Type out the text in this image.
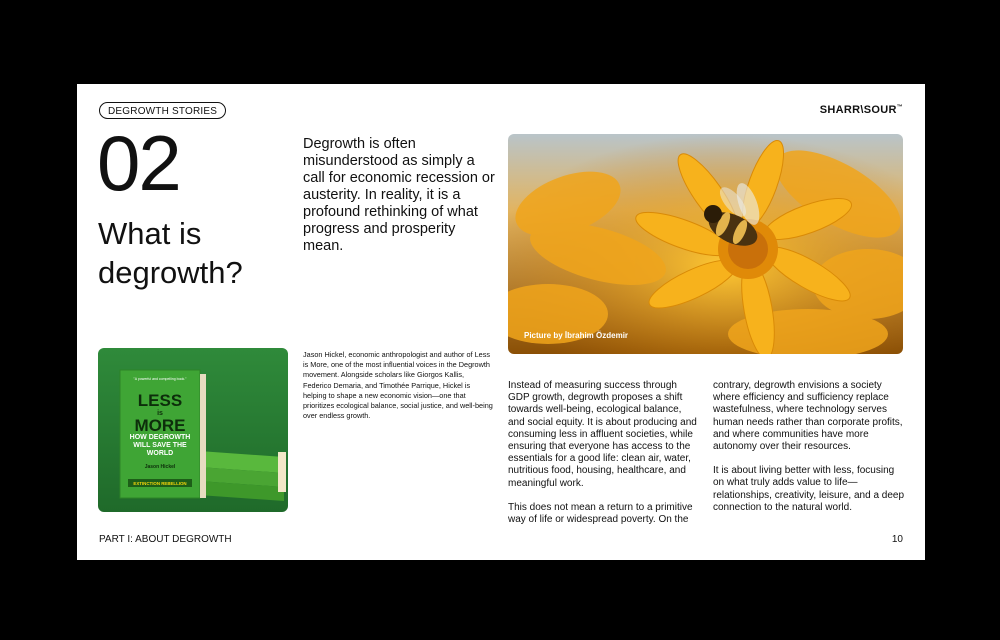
DEGROWTH STORIES	SHARR\SOUR™
02
What is degrowth?
Degrowth is often misunderstood as simply a call for economic recession or austerity. In reality, it is a profound rethinking of what progress and prosperity mean.
Picture by İbrahim Özdemir
"A powerful and compelling book."
LESS
is
MORE
HOW DEGROWTH WILL SAVE THE WORLD
Jason Hickel
EXTINCTION REBELLION
Jason Hickel, economic anthropologist and author of Less is More, one of the most influential voices in the Degrowth movement. Alongside scholars like Giorgos Kallis, Federico Demaria, and Timothée Parrique, Hickel is helping to shape a new economic vision—one that prioritizes ecological balance, social justice, and well-being over endless growth.

Instead of measuring success through GDP growth, degrowth proposes a shift towards well-being, ecological balance, and social equity. It is about producing and consuming less in affluent societies, while ensuring that everyone has access to the essentials for a good life: clean air, water, nutritious food, housing, healthcare, and meaningful work.

This does not mean a return to a primitive way of life or widespread poverty. On the

contrary, degrowth envisions a society where efficiency and sufficiency replace wastefulness, where technology serves human needs rather than corporate profits, and where communities have more autonomy over their resources.

It is about living better with less, focusing on what truly adds value to life—relationships, creativity, leisure, and a deep connection to the natural world.

PART I: ABOUT DEGROWTH	10
